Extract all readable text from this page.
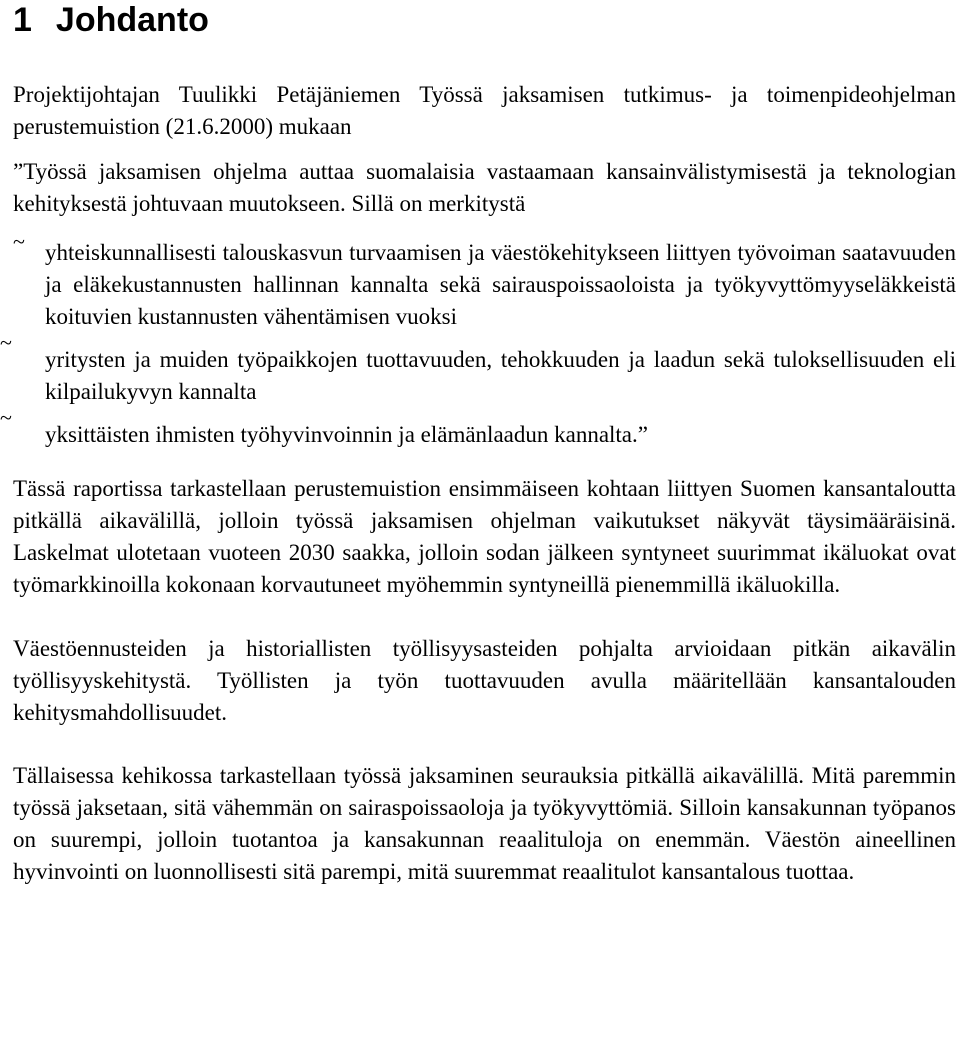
1 Johdanto

Projektijohtajan Tuulikki Petäjäniemen Työssä jaksamisen tutkimus- ja toimenpideohjelman perustemuistion (21.6.2000) mukaan

”Työssä jaksamisen ohjelma auttaa suomalaisia vastaamaan kansainvälistymisestä ja teknologian kehityksestä johtuvaan muutokseen. Sillä on merkitystä

~ yhteiskunnallisesti talouskasvun turvaamisen ja väestökehitykseen liittyen työvoiman saatavuuden ja eläkekustannusten hallinnan kannalta sekä sairauspoissaoloista ja työkyvyttömyyseläkkeistä koituvien kustannusten vähentämisen vuoksi
~
yritysten ja muiden työpaikkojen tuottavuuden, tehokkuuden ja laadun sekä tuloksellisuuden eli kilpailukyvyn kannalta
~
yksittäisten ihmisten työhyvinvoinnin ja elämänlaadun kannalta.”

Tässä raportissa tarkastellaan perustemuistion ensimmäiseen kohtaan liittyen Suomen kansantaloutta pitkällä aikavälillä, jolloin työssä jaksamisen ohjelman vaikutukset näkyvät täysimääräisinä. Laskelmat ulotetaan vuoteen 2030 saakka, jolloin sodan jälkeen syntyneet suurimmat ikäluokat ovat työmarkkinoilla kokonaan korvautuneet myöhemmin syntyneillä pienemmillä ikäluokilla.

Väestöennusteiden ja historiallisten työllisyysasteiden pohjalta arvioidaan pitkän aikavälin työllisyyskehitystä. Työllisten ja työn tuottavuuden avulla määritellään kansantalouden kehitysmahdollisuudet.

Tällaisessa kehikossa tarkastellaan työssä jaksaminen seurauksia pitkällä aikavälillä. Mitä paremmin työssä jaksetaan, sitä vähemmän on sairaspoissaoloja ja työkyvyttömiä. Silloin kansakunnan työpanos on suurempi, jolloin tuotantoa ja kansakunnan reaalituloja on enemmän. Väestön aineellinen hyvinvointi on luonnollisesti sitä parempi, mitä suuremmat reaalitulot kansantalous tuottaa.
